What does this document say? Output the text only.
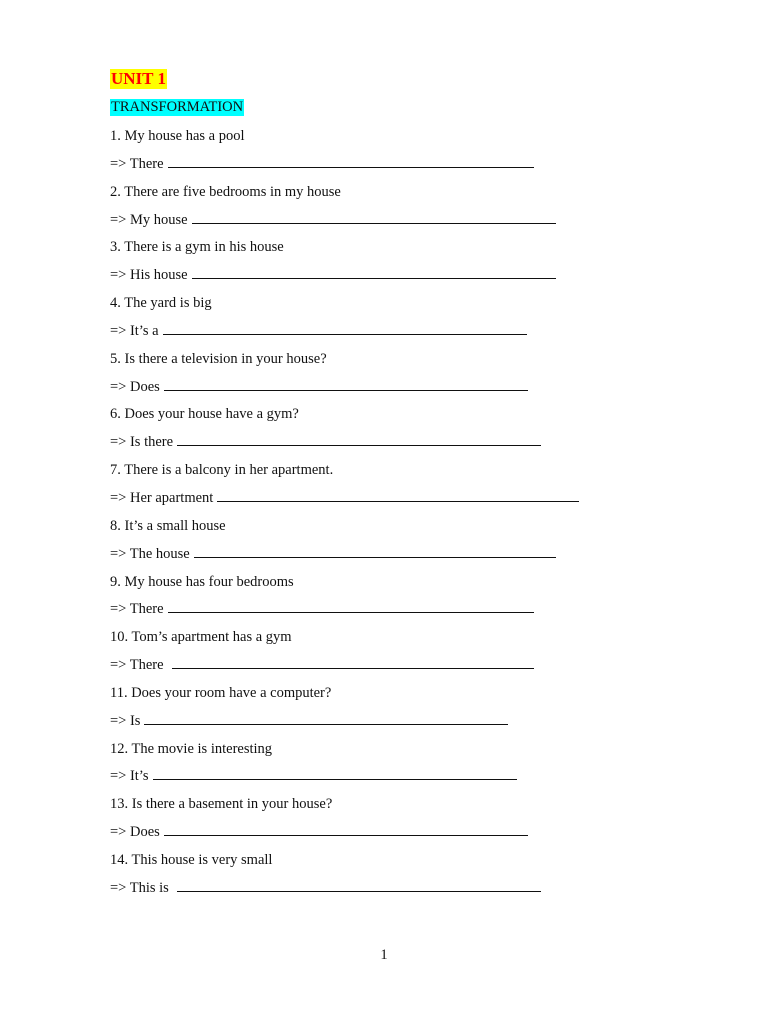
UNIT 1
TRANSFORMATION
1. My house has a pool
=> There
2. There are five bedrooms in my house
=> My house
3. There is a gym in his house
=> His house
4. The yard is big
=> It’s a
5. Is there a television in your house?
=> Does
6. Does your house have a gym?
=> Is there
7. There is a balcony in her apartment.
=> Her apartment
8. It’s a small house
=> The house
9. My house has four bedrooms
=> There
10. Tom’s apartment has a gym
=> There
11. Does your room have a computer?
=> Is
12. The movie is interesting
=> It’s
13. Is there a basement in your house?
=> Does
14. This house is very small
=> This is
1
